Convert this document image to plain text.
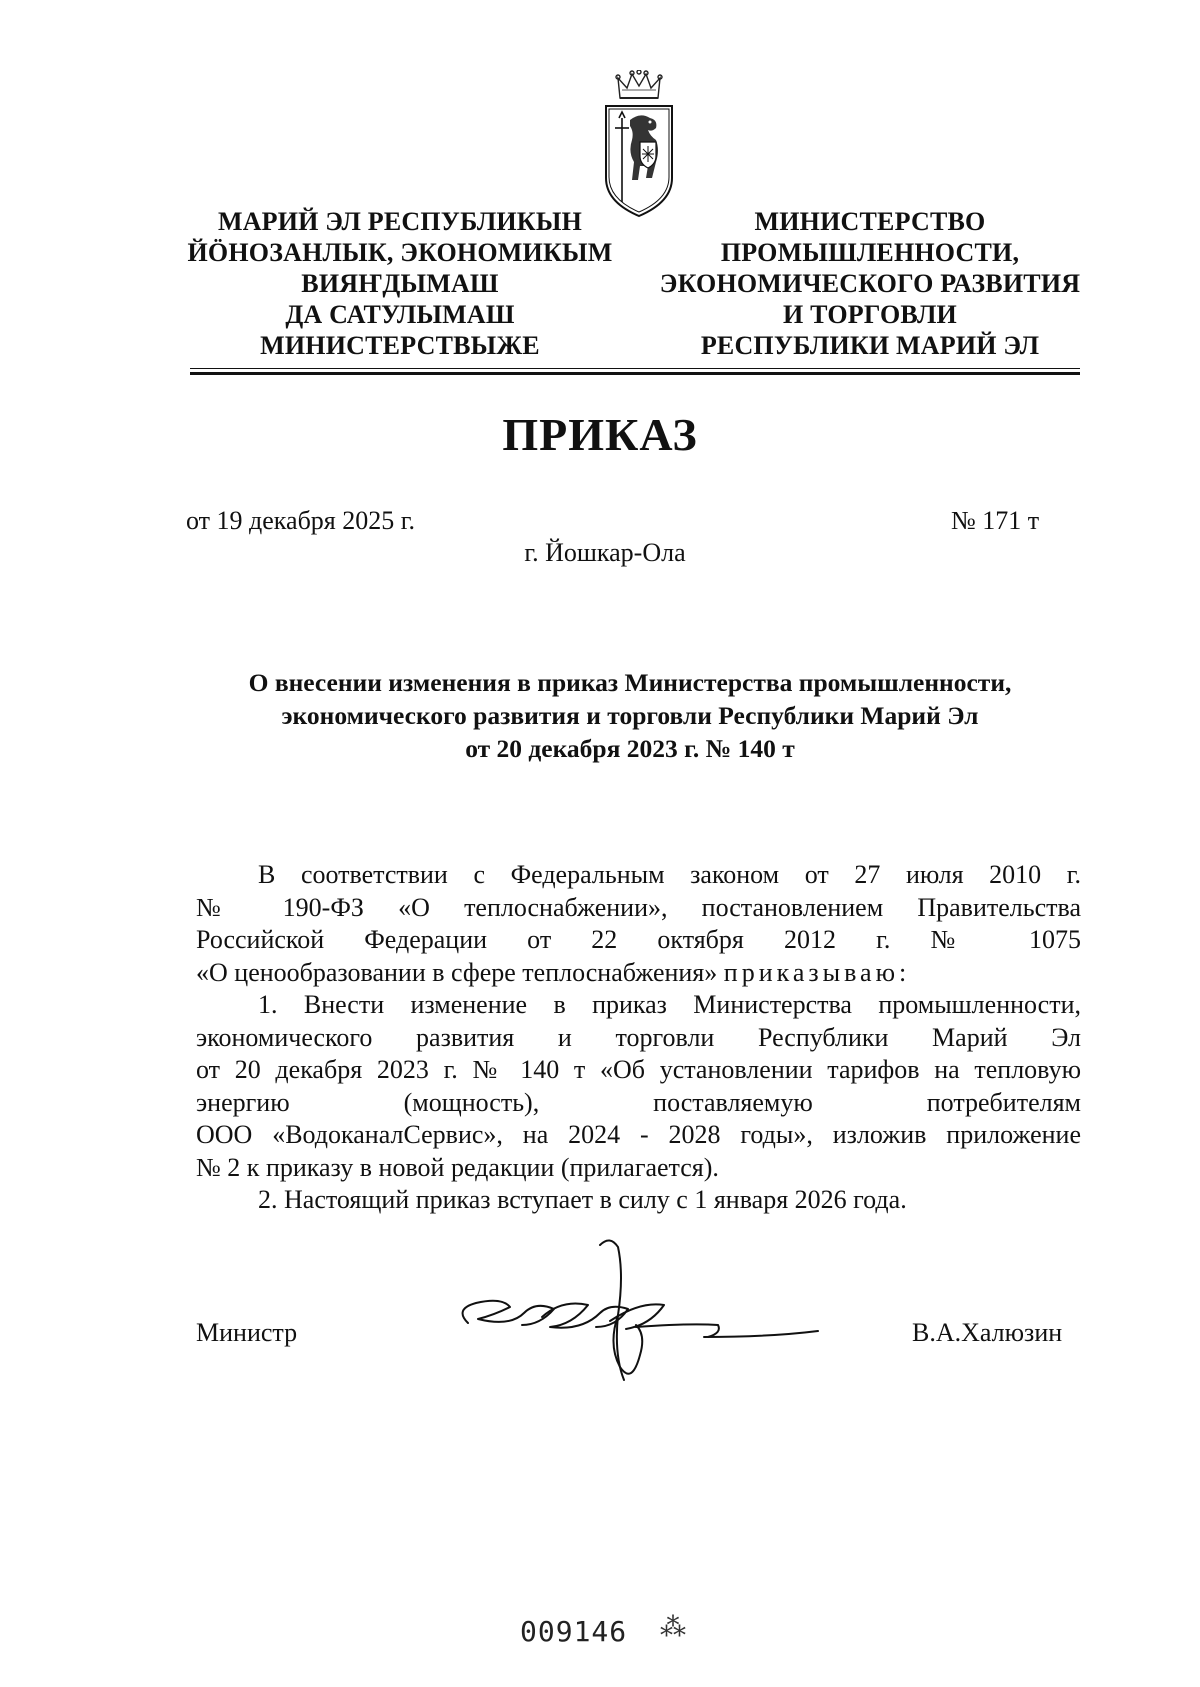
МАРИЙ ЭЛ РЕСПУБЛИКЫН
ЙӦНОЗАНЛЫК, ЭКОНОМИКЫМ
ВИЯҤДЫМАШ
ДА САТУЛЫМАШ
МИНИСТЕРСТВЫЖЕ
МИНИСТЕРСТВО
ПРОМЫШЛЕННОСТИ,
ЭКОНОМИЧЕСКОГО РАЗВИТИЯ
И ТОРГОВЛИ
РЕСПУБЛИКИ МАРИЙ ЭЛ
ПРИКАЗ
от 19 декабря 2025 г.	№ 171 т
г. Йошкар-Ола
О внесении изменения в приказ Министерства промышленности,
экономического развития и торговли Республики Марий Эл
от 20 декабря 2023 г. № 140 т
В соответствии с Федеральным законом от 27 июля 2010 г.
№ 190-ФЗ «О теплоснабжении», постановлением Правительства
Российской Федерации от 22 октября 2012 г. № 1075
«О ценообразовании в сфере теплоснабжения» приказываю:
1. Внести изменение в приказ Министерства промышленности,
экономического развития и торговли Республики Марий Эл
от 20 декабря 2023 г. № 140 т «Об установлении тарифов на тепловую
энергию (мощность), поставляемую потребителям
ООО «ВодоканалСервис», на 2024 - 2028 годы», изложив приложение
№ 2 к приказу в новой редакции (прилагается).
2. Настоящий приказ вступает в силу с 1 января 2026 года.
Министр	В.А.Халюзин
009146 ⁂
